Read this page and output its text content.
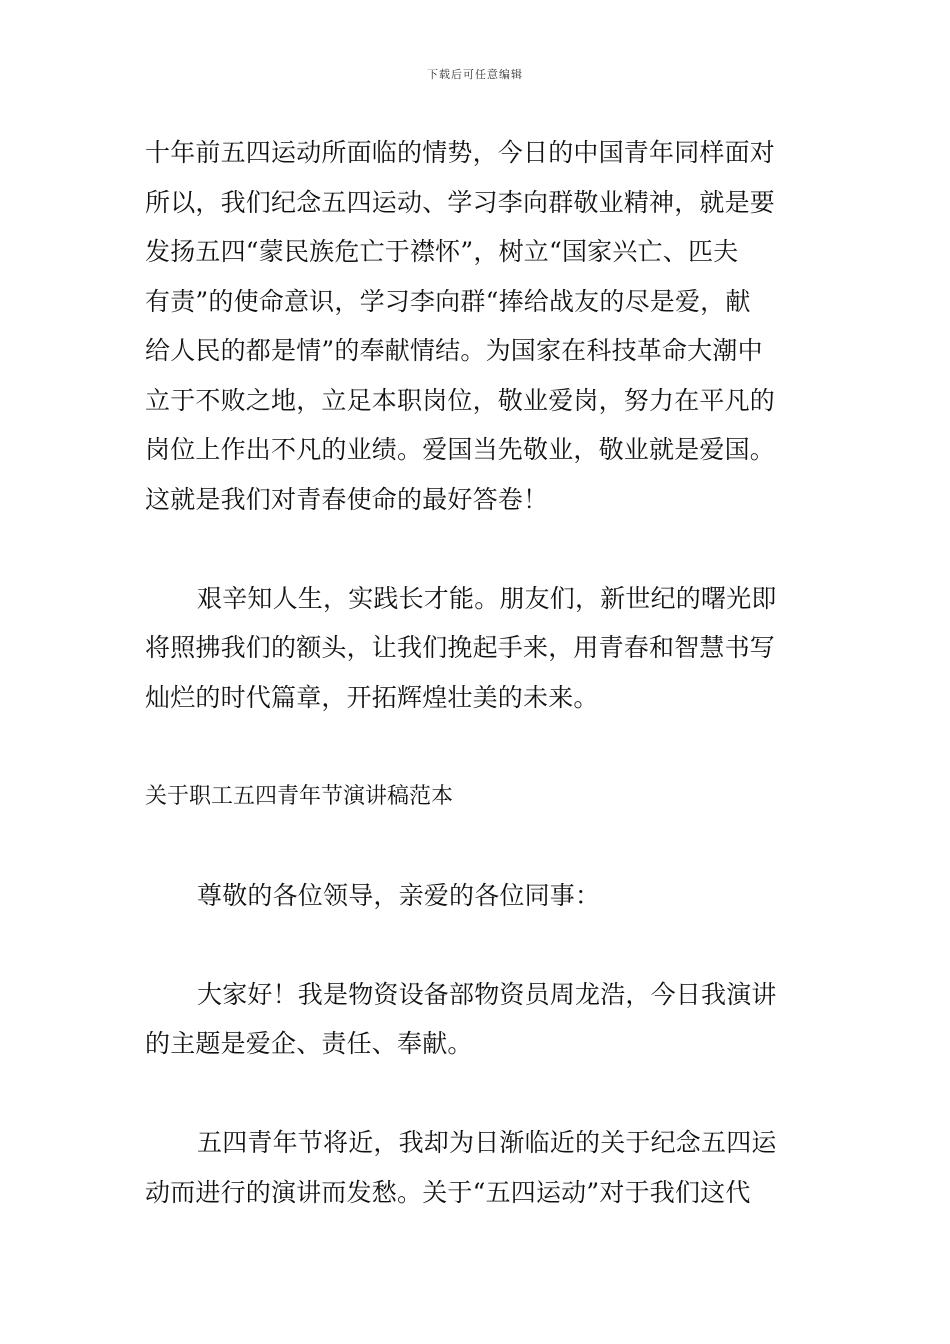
下载后可任意编辑
十年前五四运动所面临的情势，今日的中国青年同样面对
所以，我们纪念五四运动、学习李向群敬业精神，就是要
发扬五四“蒙民族危亡于襟怀”，树立“国家兴亡、匹夫
有责”的使命意识，学习李向群“捧给战友的尽是爱，献
给人民的都是情”的奉献情结。为国家在科技革命大潮中
立于不败之地，立足本职岗位，敬业爱岗，努力在平凡的
岗位上作出不凡的业绩。爱国当先敬业，敬业就是爱国。
这就是我们对青春使命的最好答卷！
艰辛知人生，实践长才能。朋友们，新世纪的曙光即
将照拂我们的额头，让我们挽起手来，用青春和智慧书写
灿烂的时代篇章，开拓辉煌壮美的未来。
关于职工五四青年节演讲稿范本
尊敬的各位领导，亲爱的各位同事：
大家好！我是物资设备部物资员周龙浩，今日我演讲
的主题是爱企、责任、奉献。
五四青年节将近，我却为日渐临近的关于纪念五四运
动而进行的演讲而发愁。关于“五四运动”对于我们这代
